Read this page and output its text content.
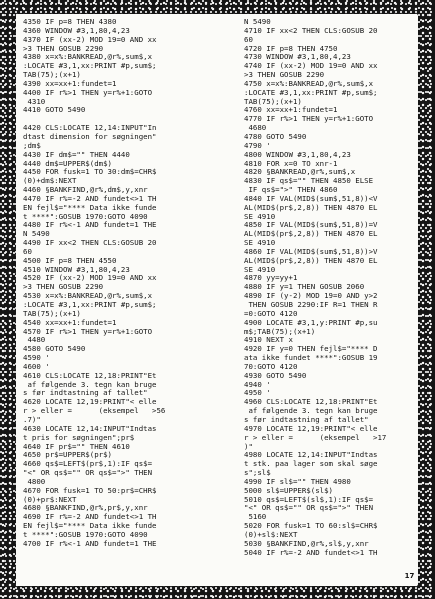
4350 IF p=8 THEN 4380
4360 WINDOW #3,1,80,4,23
4370 IF (xx-2) MOD 19=0 AND xx
>3 THEN GOSUB 2290
4380 x=x%:BANKREAD,@r%,sum$,x
:LOCATE #3,1,xx:PRINT #p,sum$;
TAB(75);(x+1)
4390 xx=xx+1:fundet=1
4400 IF r%>1 THEN y=r%+1:GOTO
4310
4410 GOTO 5490
4420 CLS:LOCATE 12,14:INPUT"In
dtast dimension for søgningen"
;dm$
4430 IF dm$="" THEN 4440
4440 dm$=UPPER$(dm$)
4450 FOR fusk=1 TO 30:dm$=CHR$
(0)+dm$:NEXT
4460 §BANKFIND,@r%,dm$,y,xnr
4470 IF r%=-2 AND fundet<>1 TH
EN fejl$="**** Data ikke funde
t ****":GOSUB 1970:GOTO 4090
4480 IF r%<-1 AND fundet=1 THE
N 5490
4490 IF xx<2 THEN CLS:GOSUB 20
60
4500 IF p=8 THEN 4550
4510 WINDOW #3,1,80,4,23
4520 IF (xx-2) MOD 19=0 AND xx
>3 THEN GOSUB 2290
4530 x=x%:BANKREAD,@r%,sum$,x
:LOCATE #3,1,xx:PRINT #p,sum$;
TAB(75);(x+1)
4540 xx=xx+1:fundet=1
4570 IF r%>1 THEN y=r%+1:GOTO
4480
4580 GOTO 5490
4590 '
4600 '
4610 CLS:LOCATE 12,18:PRINT"Et
af følgende 3. tegn kan bruge
s før indtastning af tallet"
4620 LOCATE 12,19:PRINT"< elle
r > eller =      (eksempel   >56
.7)"
4630 LOCATE 12,14:INPUT"Indtas
t pris for søgningen";pr$
4640 IF pr$="" THEN 4610
4650 pr$=UPPER$(pr$)
4660 qs$=LEFT$(pr$,1):IF qs$=
"<" OR qs$="" OR qs$=">" THEN
4800
4670 FOR fusk=1 TO 50:pr$=CHR$
(0)+pr$:NEXT
4680 §BANKFIND,@r%,pr$,y,xnr
4690 IF r%=-2 AND fundet<>1 TH
EN fejl$="**** Data ikke funde
t ****":GOSUB 1970:GOTO 4090
4700 IF r%<-1 AND fundet=1 THE
N 5490
4710 IF xx<2 THEN CLS:GOSUB 20
60
4720 IF p=8 THEN 4750
4730 WINDOW #3,1,80,4,23
4740 IF (xx-2) MOD 19=0 AND xx
>3 THEN GOSUB 2290
4750 x=x%:BANKREAD,@r%,sum$,x
:LOCATE #3,1,xx:PRINT #p,sum$;
TAB(75);(x+1)
4760 xx=xx+1:fundet=1
4770 IF r%>1 THEN y=r%+1:GOTO
4680
4780 GOTO 5490
4790 '
4800 WINDOW #3,1,80,4,23
4810 FOR x=0 TO xnr-1
4820 §BANKREAD,@r%,sum$,x
4830 IF qs$="" THEN 4850 ELSE
IF qs$=">" THEN 4860
4840 IF VAL(MID$(sum$,51,8))<V
AL(MID$(pr$,2,8)) THEN 4870 EL
SE 4910
4850 IF VAL(MID$(sum$,51,8))=V
AL(MID$(pr$,2,8)) THEN 4870 EL
SE 4910
4860 IF VAL(MID$(sum$,51,8))>V
AL(MID$(pr$,2,8)) THEN 4870 EL
SE 4910
4870 yy=yy+1
4880 IF y=1 THEN GOSUB 2060
4890 IF (y-2) MOD 19=0 AND y>2
THEN GOSUB 2290:IF R=1 THEN R
=0:GOTO 4120
4900 LOCATE #3,1,y:PRINT #p,su
m$;TAB(75);(x+1)
4910 NEXT x
4920 IF y=0 THEN fejl$="**** D
ata ikke fundet ****":GOSUB 19
70:GOTO 4120
4930 GOTO 5490
4940 '
4950 '
4960 CLS:LOCATE 12,18:PRINT"Et
af følgende 3. tegn kan bruge
s før indtastning af tallet"
4970 LOCATE 12,19:PRINT"< elle
r > eller =      (eksempel   >17
)"
4980 LOCATE 12,14:INPUT"Indtas
t stk. paa lager som skal søge
s";sl$
4990 IF sl$="" THEN 4980
5000 sl$=UPPER$(sl$)
5010 qs$=LEFT$(sl$,1):IF qs$=
"<" OR qs$="" OR qs$=">" THEN
5160
5020 FOR fusk=1 TO 60:sl$=CHR$
(0)+sl$:NEXT
5030 §BANKFIND,@r%,sl$,y,xnr
5040 IF r%=-2 AND fundet<>1 TH
17
